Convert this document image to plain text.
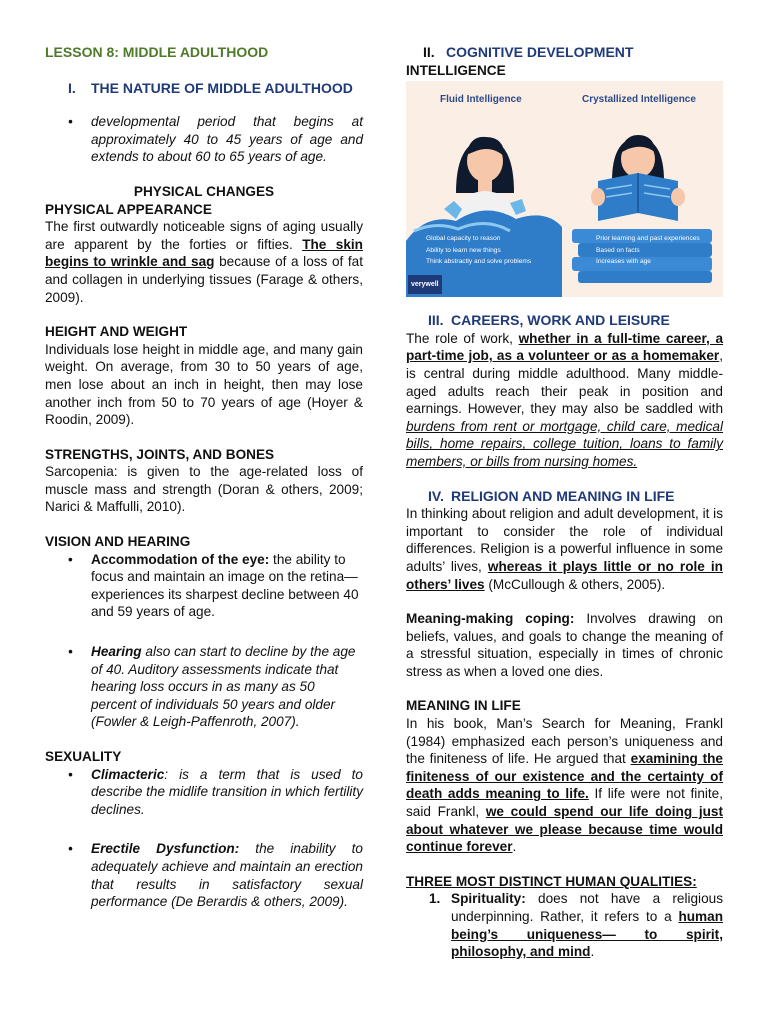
LESSON 8: MIDDLE ADULTHOOD

I. THE NATURE OF MIDDLE ADULTHOOD

• developmental period that begins at approximately 40 to 45 years of age and extends to about 60 to 65 years of age.

PHYSICAL CHANGES

PHYSICAL APPEARANCE

The first outwardly noticeable signs of aging usually are apparent by the forties or fifties. The skin begins to wrinkle and sag because of a loss of fat and collagen in underlying tissues (Farage & others, 2009).

HEIGHT AND WEIGHT

Individuals lose height in middle age, and many gain weight. On average, from 30 to 50 years of age, men lose about an inch in height, then may lose another inch from 50 to 70 years of age (Hoyer & Roodin, 2009).

STRENGTHS, JOINTS, AND BONES

Sarcopenia: is given to the age-related loss of muscle mass and strength (Doran & others, 2009; Narici & Maffulli, 2010).

VISION AND HEARING

• Accommodation of the eye: the ability to focus and maintain an image on the retina—experiences its sharpest decline between 40 and 59 years of age.

• Hearing also can start to decline by the age of 40. Auditory assessments indicate that hearing loss occurs in as many as 50 percent of individuals 50 years and older (Fowler & Leigh-Paffenroth, 2007).

SEXUALITY

• Climacteric: is a term that is used to describe the midlife transition in which fertility declines.

• Erectile Dysfunction: the inability to adequately achieve and maintain an erection that results in satisfactory sexual performance (De Berardis & others, 2009).

II. COGNITIVE DEVELOPMENT

INTELLIGENCE

Fluid Intelligence	Crystallized Intelligence
Global capacity to reason
Ability to learn new things
Think abstractly and solve problems
Prior learning and past experiences
Based on facts
Increases with age
verywell

III. CAREERS, WORK AND LEISURE

The role of work, whether in a full-time career, a part-time job, as a volunteer or as a homemaker, is central during middle adulthood. Many middle-aged adults reach their peak in position and earnings. However, they may also be saddled with burdens from rent or mortgage, child care, medical bills, home repairs, college tuition, loans to family members, or bills from nursing homes.

IV. RELIGION AND MEANING IN LIFE

In thinking about religion and adult development, it is important to consider the role of individual differences. Religion is a powerful influence in some adults’ lives, whereas it plays little or no role in others’ lives (McCullough & others, 2005).

Meaning-making coping: Involves drawing on beliefs, values, and goals to change the meaning of a stressful situation, especially in times of chronic stress as when a loved one dies.

MEANING IN LIFE

In his book, Man’s Search for Meaning, Frankl (1984) emphasized each person’s uniqueness and the finiteness of life. He argued that examining the finiteness of our existence and the certainty of death adds meaning to life. If life were not finite, said Frankl, we could spend our life doing just about whatever we please because time would continue forever.

THREE MOST DISTINCT HUMAN QUALITIES:

1. Spirituality: does not have a religious underpinning. Rather, it refers to a human being’s uniqueness— to spirit, philosophy, and mind.
